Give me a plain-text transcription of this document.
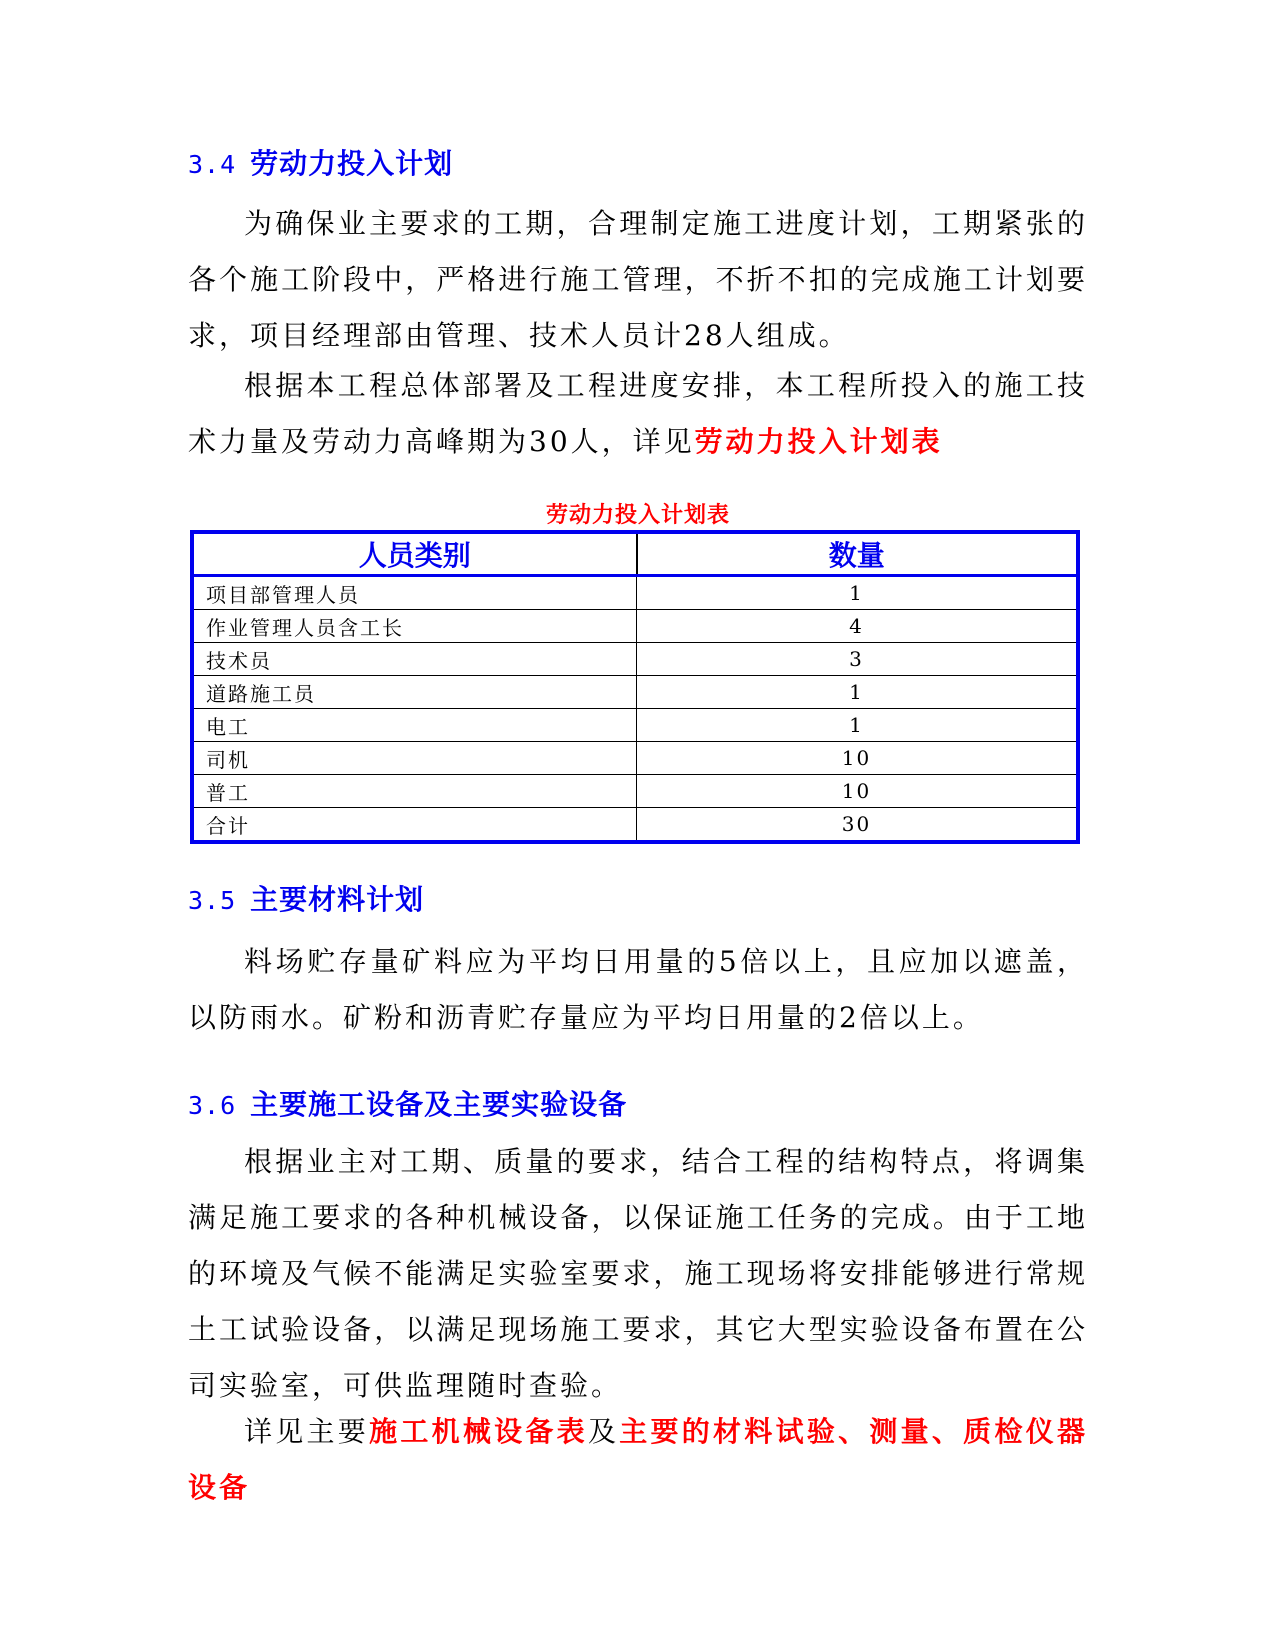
3.4 劳动力投入计划

为确保业主要求的工期，合理制定施工进度计划，工期紧张的各个施工阶段中，严格进行施工管理，不折不扣的完成施工计划要求，项目经理部由管理、技术人员计28人组成。

根据本工程总体部署及工程进度安排，本工程所投入的施工技术力量及劳动力高峰期为30人，详见劳动力投入计划表

劳动力投入计划表
人员类别	数量
项目部管理人员	1
作业管理人员含工长	4
技术员	3
道路施工员	1
电工	1
司机	10
普工	10
合计	30
3.5 主要材料计划

料场贮存量矿料应为平均日用量的5倍以上，且应加以遮盖，以防雨水。矿粉和沥青贮存量应为平均日用量的2倍以上。

3.6 主要施工设备及主要实验设备

根据业主对工期、质量的要求，结合工程的结构特点，将调集满足施工要求的各种机械设备，以保证施工任务的完成。由于工地的环境及气候不能满足实验室要求，施工现场将安排能够进行常规土工试验设备，以满足现场施工要求，其它大型实验设备布置在公司实验室，可供监理随时查验。

详见主要施工机械设备表及主要的材料试验、测量、质检仪器设备
